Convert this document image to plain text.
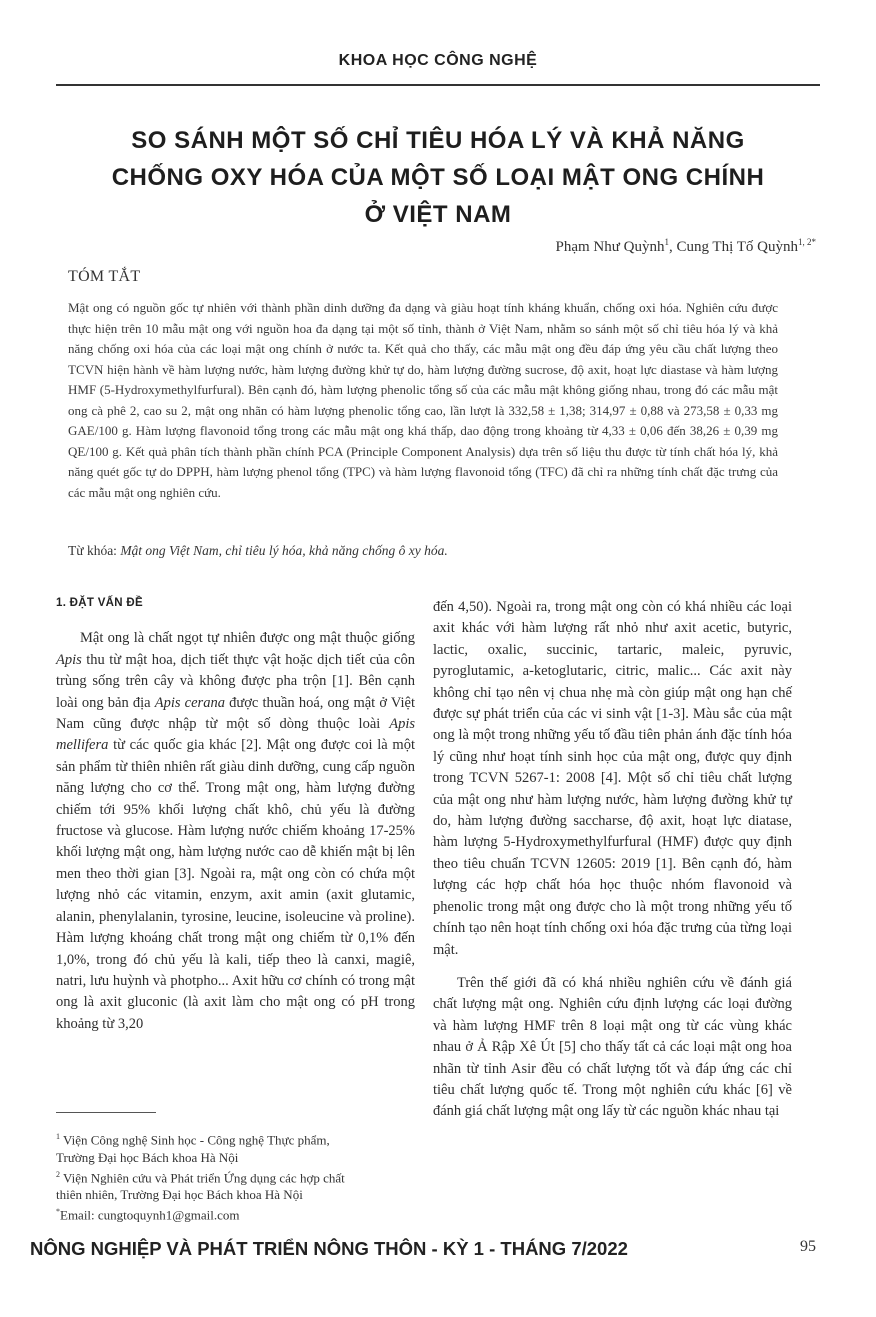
KHOA HỌC CÔNG NGHỆ
SO SÁNH MỘT SỐ CHỈ TIÊU HÓA LÝ VÀ KHẢ NĂNG
CHỐNG OXY HÓA CỦA MỘT SỐ LOẠI MẬT ONG CHÍNH
Ở VIỆT NAM
Phạm Như Quỳnh$^1$, Cung Thị Tố Quỳnh$^{1, 2*}$
TÓM TẮT
Mật ong có nguồn gốc tự nhiên với thành phần dinh dưỡng đa dạng và giàu hoạt tính kháng khuẩn, chống oxi hóa. Nghiên cứu được thực hiện trên 10 mẫu mật ong với nguồn hoa đa dạng tại một số tỉnh, thành ở Việt Nam, nhằm so sánh một số chỉ tiêu hóa lý và khả năng chống oxi hóa của các loại mật ong chính ở nước ta. Kết quả cho thấy, các mẫu mật ong đều đáp ứng yêu cầu chất lượng theo TCVN hiện hành về hàm lượng nước, hàm lượng đường khử tự do, hàm lượng đường sucrose, độ axit, hoạt lực diastase và hàm lượng HMF (5-Hydroxymethylfurfural). Bên cạnh đó, hàm lượng phenolic tổng số của các mẫu mật không giống nhau, trong đó các mẫu mật ong cà phê 2, cao su 2, mật ong nhãn có hàm lượng phenolic tổng cao, lần lượt là 332,58 ± 1,38; 314,97 ± 0,88 và 273,58 ± 0,33 mg GAE/100 g. Hàm lượng flavonoid tổng trong các mẫu mật ong khá thấp, dao động trong khoảng từ 4,33 ± 0,06 đến 38,26 ± 0,39 mg QE/100 g. Kết quả phân tích thành phần chính PCA (Principle Component Analysis) dựa trên số liệu thu được từ tính chất hóa lý, khả năng quét gốc tự do DPPH, hàm lượng phenol tổng (TPC) và hàm lượng flavonoid tổng (TFC) đã chỉ ra những tính chất đặc trưng của các mẫu mật ong nghiên cứu.
Từ khóa: Mật ong Việt Nam, chỉ tiêu lý hóa, khả năng chống ô xy hóa.
1. ĐẶT VẤN ĐỀ

Mật ong là chất ngọt tự nhiên được ong mật thuộc giống Apis thu từ mật hoa, dịch tiết thực vật hoặc dịch tiết của côn trùng sống trên cây và không được pha trộn [1]. Bên cạnh loài ong bản địa Apis cerana được thuần hoá, ong mật ở Việt Nam cũng được nhập từ một số dòng thuộc loài Apis mellifera từ các quốc gia khác [2]. Mật ong được coi là một sản phẩm từ thiên nhiên rất giàu dinh dưỡng, cung cấp nguồn năng lượng cho cơ thể. Trong mật ong, hàm lượng đường chiếm tới 95% khối lượng chất khô, chủ yếu là đường fructose và glucose. Hàm lượng nước chiếm khoảng 17-25% khối lượng mật ong, hàm lượng nước cao dễ khiến mật bị lên men theo thời gian [3]. Ngoài ra, mật ong còn có chứa một lượng nhỏ các vitamin, enzym, axit amin (axit glutamic, alanin, phenylalanin, tyrosine, leucine, isoleucine và proline). Hàm lượng khoáng chất trong mật ong chiếm từ 0,1% đến 1,0%, trong đó chủ yếu là kali, tiếp theo là canxi, magiê, natri, lưu huỳnh và photpho... Axit hữu cơ chính có trong mật ong là axit gluconic (là axit làm cho mật ong có pH trong khoảng từ 3,20

đến 4,50). Ngoài ra, trong mật ong còn có khá nhiều các loại axit khác với hàm lượng rất nhỏ như axit acetic, butyric, lactic, oxalic, succinic, tartaric, maleic, pyruvic, pyroglutamic, a-ketoglutaric, citric, malic... Các axit này không chỉ tạo nên vị chua nhẹ mà còn giúp mật ong hạn chế được sự phát triển của các vi sinh vật [1-3]. Màu sắc của mật ong là một trong những yếu tố đầu tiên phản ánh đặc tính hóa lý cũng như hoạt tính sinh học của mật ong, được quy định trong TCVN 5267-1: 2008 [4]. Một số chỉ tiêu chất lượng của mật ong như hàm lượng nước, hàm lượng đường khử tự do, hàm lượng đường saccharse, độ axit, hoạt lực diatase, hàm lượng 5-Hydroxymethylfurfural (HMF) được quy định theo tiêu chuẩn TCVN 12605: 2019 [1]. Bên cạnh đó, hàm lượng các hợp chất hóa học thuộc nhóm flavonoid và phenolic trong mật ong được cho là một trong những yếu tố chính tạo nên hoạt tính chống oxi hóa đặc trưng của từng loại mật.

Trên thế giới đã có khá nhiều nghiên cứu về đánh giá chất lượng mật ong. Nghiên cứu định lượng các loại đường và hàm lượng HMF trên 8 loại mật ong từ các vùng khác nhau ở Ả Rập Xê Út [5] cho thấy tất cả các loại mật ong hoa nhãn từ tỉnh Asir đều có chất lượng tốt và đáp ứng các chỉ tiêu chất lượng quốc tế. Trong một nghiên cứu khác [6] về đánh giá chất lượng mật ong lấy từ các nguồn khác nhau tại

$^1$ Viện Công nghệ Sinh học - Công nghệ Thực phẩm,
Trường Đại học Bách khoa Hà Nội

$^2$ Viện Nghiên cứu và Phát triển Ứng dụng các hợp chất
thiên nhiên, Trường Đại học Bách khoa Hà Nội

*Email: cungtoquynh1@gmail.com

NÔNG NGHIỆP VÀ PHÁT TRIỂN NÔNG THÔN - KỲ 1 - THÁNG 7/2022	95
